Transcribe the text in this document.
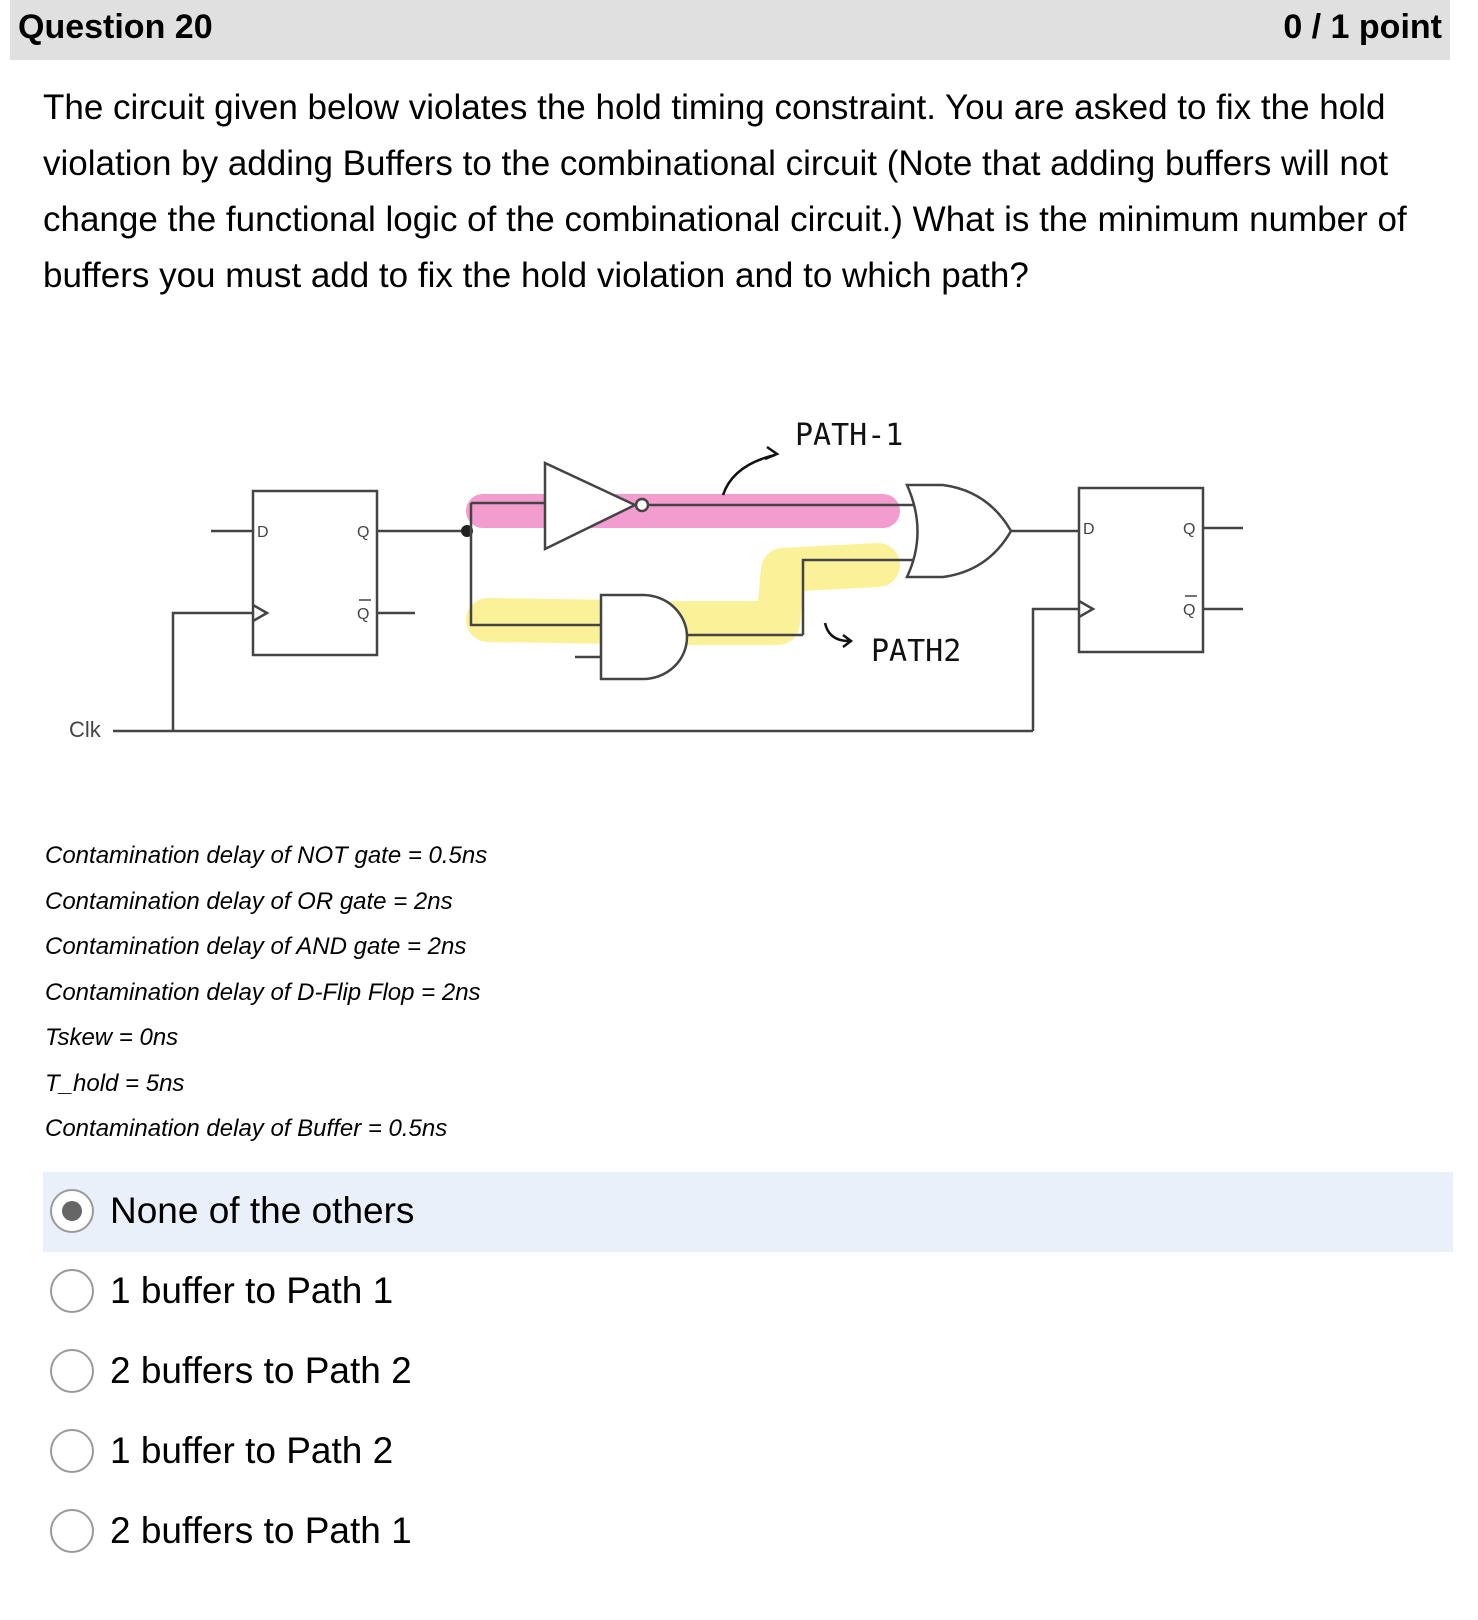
Question 20	0 / 1 point
The circuit given below violates the hold timing constraint. You are asked to fix the hold violation by adding Buffers to the combinational circuit (Note that adding buffers will not change the functional logic of the combinational circuit.) What is the minimum number of buffers you must add to fix the hold violation and to which path?
D	Q
Q
D	Q
Q
Clk
PATH-1
PATH2
Contamination delay of NOT gate = 0.5ns
Contamination delay of OR gate = 2ns
Contamination delay of AND gate = 2ns
Contamination delay of D-Flip Flop = 2ns
Tskew = 0ns
T_hold = 5ns
Contamination delay of Buffer = 0.5ns
None of the others
1 buffer to Path 1
2 buffers to Path 2
1 buffer to Path 2
2 buffers to Path 1
